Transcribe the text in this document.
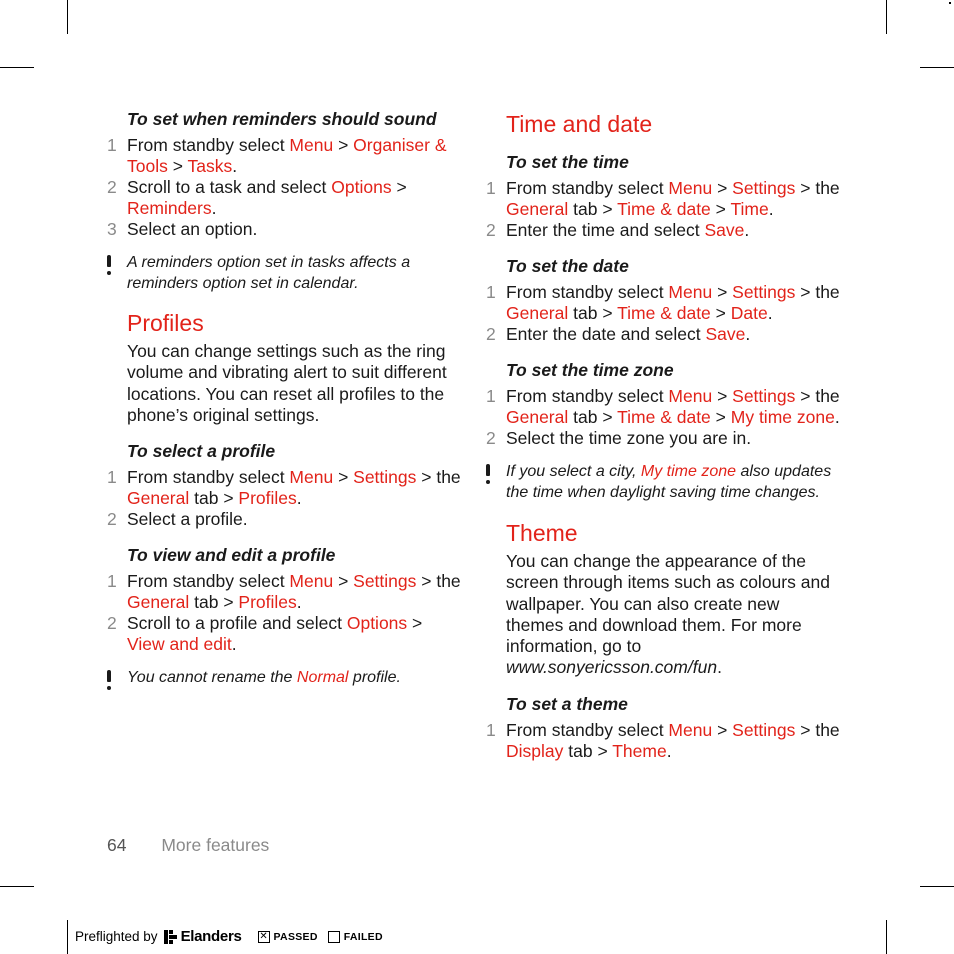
To set when reminders should sound
1 From standby select Menu > Organiser & Tools > Tasks.
2 Scroll to a task and select Options > Reminders.
3 Select an option.
A reminders option set in tasks affects a reminders option set in calendar.
Profiles

You can change settings such as the ring volume and vibrating alert to suit different locations. You can reset all profiles to the phone’s original settings.

To select a profile
1 From standby select Menu > Settings > the General tab > Profiles.
2 Select a profile.
To view and edit a profile
1 From standby select Menu > Settings > the General tab > Profiles.
2 Scroll to a profile and select Options > View and edit.
You cannot rename the Normal profile.
Time and date
To set the time
1 From standby select Menu > Settings > the General tab > Time & date > Time.
2 Enter the time and select Save.
To set the date
1 From standby select Menu > Settings > the General tab > Time & date > Date.
2 Enter the date and select Save.
To set the time zone
1 From standby select Menu > Settings > the General tab > Time & date > My time zone.
2 Select the time zone you are in.
If you select a city, My time zone also updates the time when daylight saving time changes.
Theme

You can change the appearance of the screen through items such as colours and wallpaper. You can also create new themes and download them. For more information, go to www.sonyericsson.com/fun.

To set a theme
1 From standby select Menu > Settings > the Display tab > Theme.
64 More features
Preflighted by Elanders ✕ PASSED FAILED
